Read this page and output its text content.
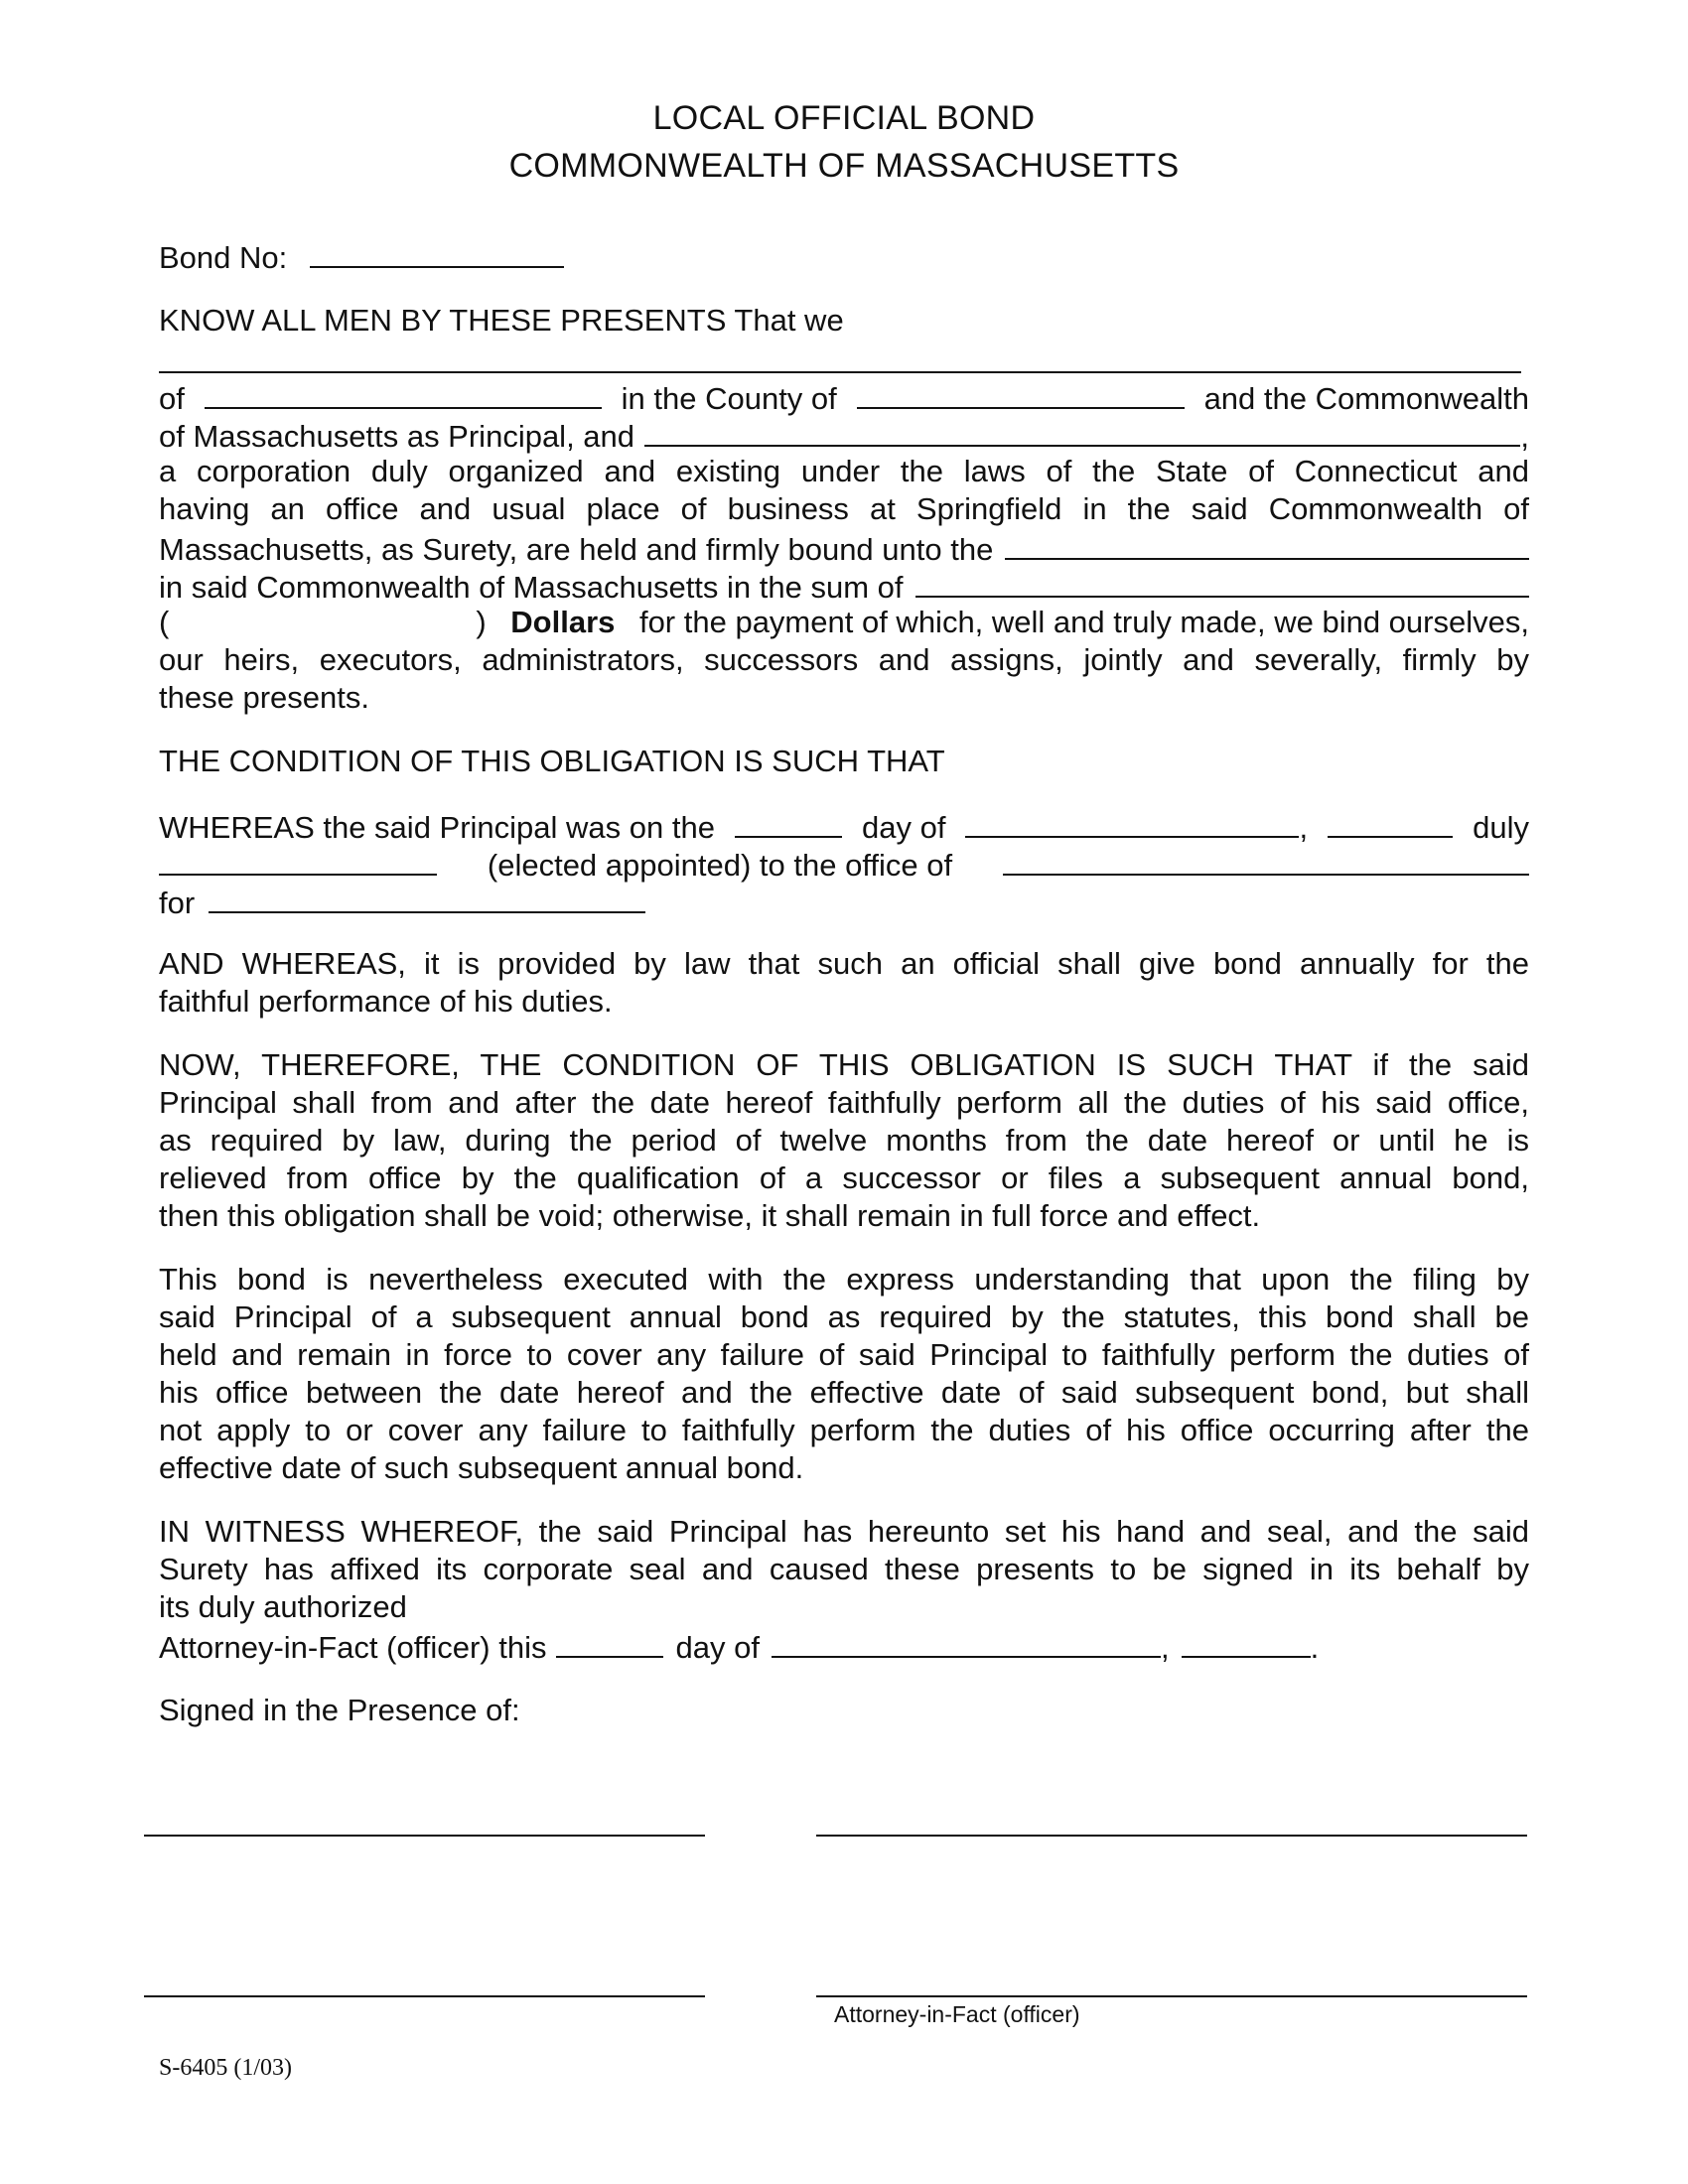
LOCAL OFFICIAL BOND
COMMONWEALTH OF MASSACHUSETTS
Bond No:
KNOW ALL MEN BY THESE PRESENTS That we
of	in the County of	and the Commonwealth
of Massachusetts as Principal, and	,
a corporation duly organized and existing under the laws of the State of Connecticut and
having an office and usual place of business at Springfield in the said Commonwealth of
Massachusetts, as Surety, are held and firmly bound unto the
in said Commonwealth of Massachusetts in the sum of
(	) Dollars for the payment of which, well and truly made, we bind ourselves,
our heirs, executors, administrators, successors and assigns, jointly and severally, firmly by
these presents.
THE CONDITION OF THIS OBLIGATION IS SUCH THAT
WHEREAS the said Principal was on the	day of	,	duly
(elected appointed) to the office of
for
AND WHEREAS, it is provided by law that such an official shall give bond annually for the
faithful performance of his duties.
NOW, THEREFORE, THE CONDITION OF THIS OBLIGATION IS SUCH THAT if the said
Principal shall from and after the date hereof faithfully perform all the duties of his said office,
as required by law, during the period of twelve months from the date hereof or until he is
relieved from office by the qualification of a successor or files a subsequent annual bond,
then this obligation shall be void; otherwise, it shall remain in full force and effect.
This bond is nevertheless executed with the express understanding that upon the filing by
said Principal of a subsequent annual bond as required by the statutes, this bond shall be
held and remain in force to cover any failure of said Principal to faithfully perform the duties of
his office between the date hereof and the effective date of said subsequent bond, but shall
not apply to or cover any failure to faithfully perform the duties of his office occurring after the
effective date of such subsequent annual bond.
IN WITNESS WHEREOF, the said Principal has hereunto set his hand and seal, and the said
Surety has affixed its corporate seal and caused these presents to be signed in its behalf by
its duly authorized
Attorney-in-Fact (officer) this	day of	,	.
Signed in the Presence of:
Attorney-in-Fact (officer)
S-6405 (1/03)
